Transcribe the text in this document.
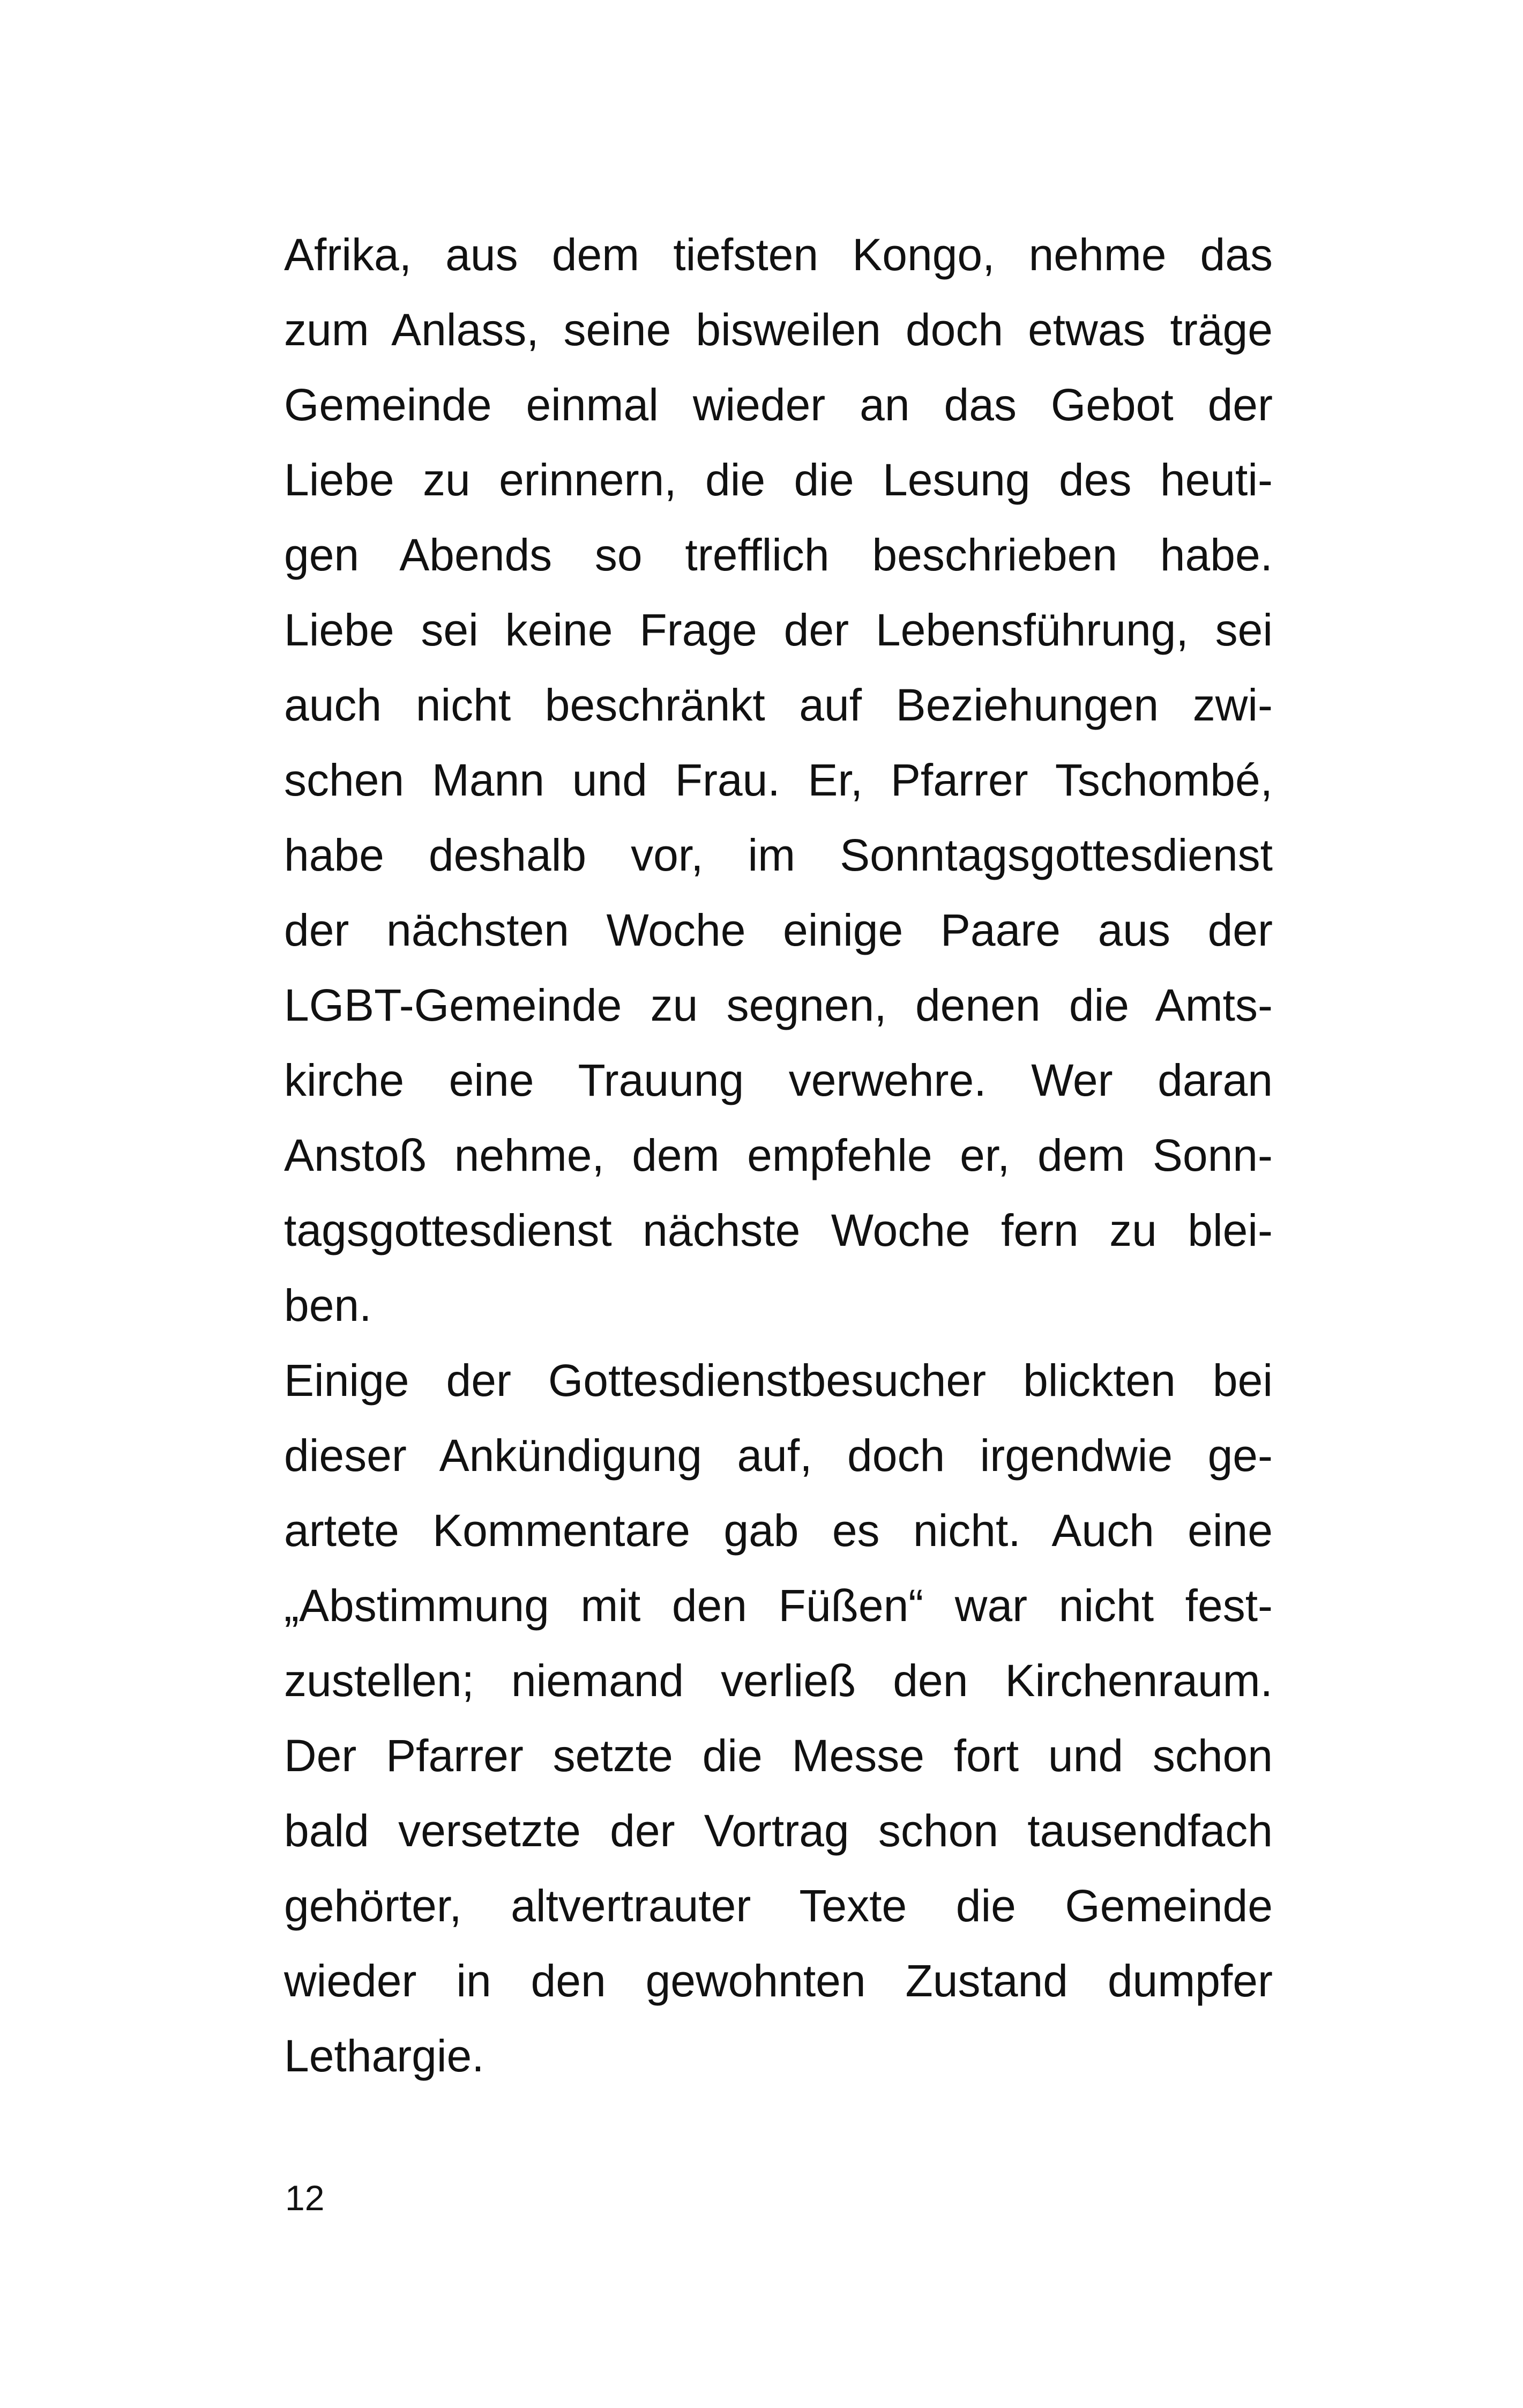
Afrika, aus dem tiefsten Kongo, nehme das
zum Anlass, seine bisweilen doch etwas träge
Gemeinde einmal wieder an das Gebot der
Liebe zu erinnern, die die Lesung des heuti-
gen Abends so trefflich beschrieben habe.
Liebe sei keine Frage der Lebensführung, sei
auch nicht beschränkt auf Beziehungen zwi-
schen Mann und Frau. Er, Pfarrer Tschombé,
habe deshalb vor, im Sonntagsgottesdienst
der nächsten Woche einige Paare aus der
LGBT-Gemeinde zu segnen, denen die Amts-
kirche eine Trauung verwehre. Wer daran
Anstoß nehme, dem empfehle er, dem Sonn-
tagsgottesdienst nächste Woche fern zu blei-
ben.
Einige der Gottesdienstbesucher blickten bei
dieser Ankündigung auf, doch irgendwie ge-
artete Kommentare gab es nicht. Auch eine
„Abstimmung mit den Füßen“ war nicht fest-
zustellen; niemand verließ den Kirchenraum.
Der Pfarrer setzte die Messe fort und schon
bald versetzte der Vortrag schon tausendfach
gehörter, altvertrauter Texte die Gemeinde
wieder in den gewohnten Zustand dumpfer
Lethargie.
12
